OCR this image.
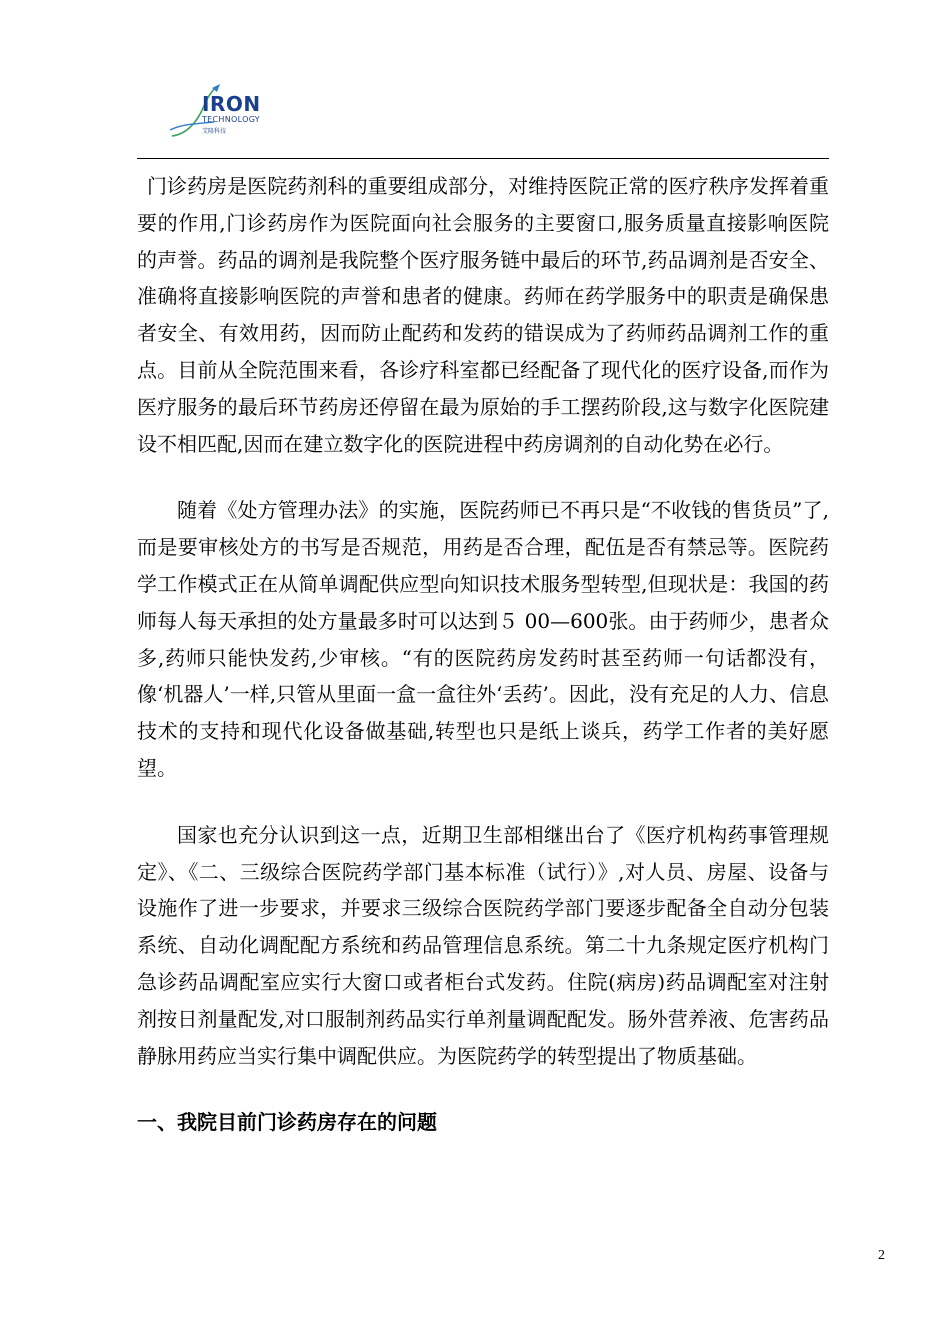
IRON
TECHNOLOGY
艾隆科技

门诊药房是医院药剂科的重要组成部分，对维持医院正常的医疗秩序发挥着重要的作用,门诊药房作为医院面向社会服务的主要窗口,服务质量直接影响医院的声誉。药品的调剂是我院整个医疗服务链中最后的环节,药品调剂是否安全、准确将直接影响医院的声誉和患者的健康。药师在药学服务中的职责是确保患者安全、有效用药，因而防止配药和发药的错误成为了药师药品调剂工作的重点。目前从全院范围来看，各诊疗科室都已经配备了现代化的医疗设备,而作为医疗服务的最后环节药房还停留在最为原始的手工摆药阶段,这与数字化医院建设不相匹配,因而在建立数字化的医院进程中药房调剂的自动化势在必行。

随着《处方管理办法》的实施，医院药师已不再只是“不收钱的售货员”了,而是要审核处方的书写是否规范，用药是否合理，配伍是否有禁忌等。医院药学工作模式正在从简单调配供应型向知识技术服务型转型,但现状是：我国的药师每人每天承担的处方量最多时可以达到５ 00—600张。由于药师少，患者众多,药师只能快发药,少审核。“有的医院药房发药时甚至药师一句话都没有，像‘机器人’一样,只管从里面一盒一盒往外‘丢药’。因此，没有充足的人力、信息技术的支持和现代化设备做基础,转型也只是纸上谈兵，药学工作者的美好愿望。

国家也充分认识到这一点，近期卫生部相继出台了《医疗机构药事管理规定》、《二、三级综合医院药学部门基本标准（试行）》,对人员、房屋、设备与设施作了进一步要求，并要求三级综合医院药学部门要逐步配备全自动分包装系统、自动化调配配方系统和药品管理信息系统。第二十九条规定医疗机构门急诊药品调配室应实行大窗口或者柜台式发药。住院(病房)药品调配室对注射剂按日剂量配发,对口服制剂药品实行单剂量调配配发。肠外营养液、危害药品静脉用药应当实行集中调配供应。为医院药学的转型提出了物质基础。

一、我院目前门诊药房存在的问题
2
